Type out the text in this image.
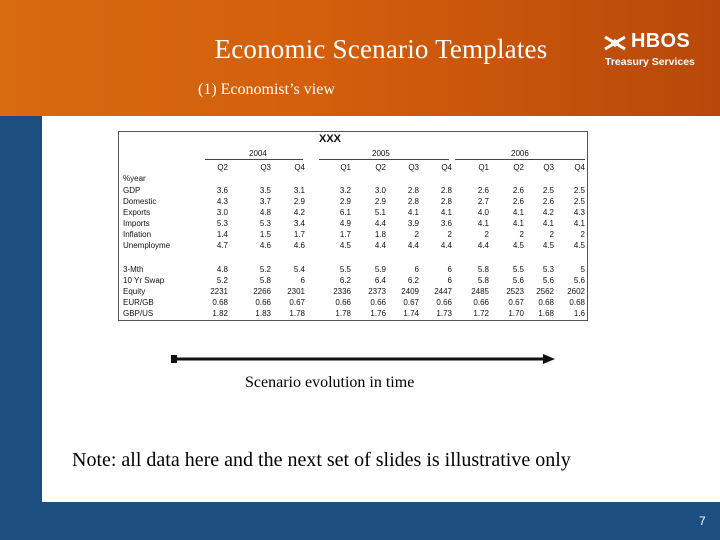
Economic Scenario Templates
(1) Economist’s view
HBOS
Treasury Services
XXX
2004	2005	2006
%year
Q2	Q3	Q4	Q1	Q2	Q3	Q4	Q1	Q2	Q3	Q4
GDP	3.6	3.5	3.1	3.2	3.0	2.8	2.8	2.6	2.6	2.5	2.5
Domestic	4.3	3.7	2.9	2.9	2.9	2.8	2.8	2.7	2.6	2.6	2.5
Exports	3.0	4.8	4.2	6.1	5.1	4.1	4.1	4.0	4.1	4.2	4.3
Imports	5.3	5.3	3.4	4.9	4.4	3.9	3.6	4.1	4.1	4.1	4.1
Inflation	1.4	1.5	1.7	1.7	1.8	2	2	2	2	2	2
Unemployme	4.7	4.6	4.6	4.5	4.4	4.4	4.4	4.4	4.5	4.5	4.5
3-Mth	4.8	5.2	5.4	5.5	5.9	6	6	5.8	5.5	5.3	5
10 Yr Swap	5.2	5.8	6	6.2	6.4	6.2	6	5.8	5.6	5.6	5.6
Equity	2231	2266	2301	2336	2373	2409	2447	2485	2523	2562	2602
EUR/GB	0.68	0.66	0.67	0.66	0.66	0.67	0.66	0.66	0.67	0.68	0.68
GBP/US	1.82	1.83	1.78	1.78	1.76	1.74	1.73	1.72	1.70	1.68	1.6
Scenario evolution in time
Note: all data here and the next set of slides is illustrative only
7
